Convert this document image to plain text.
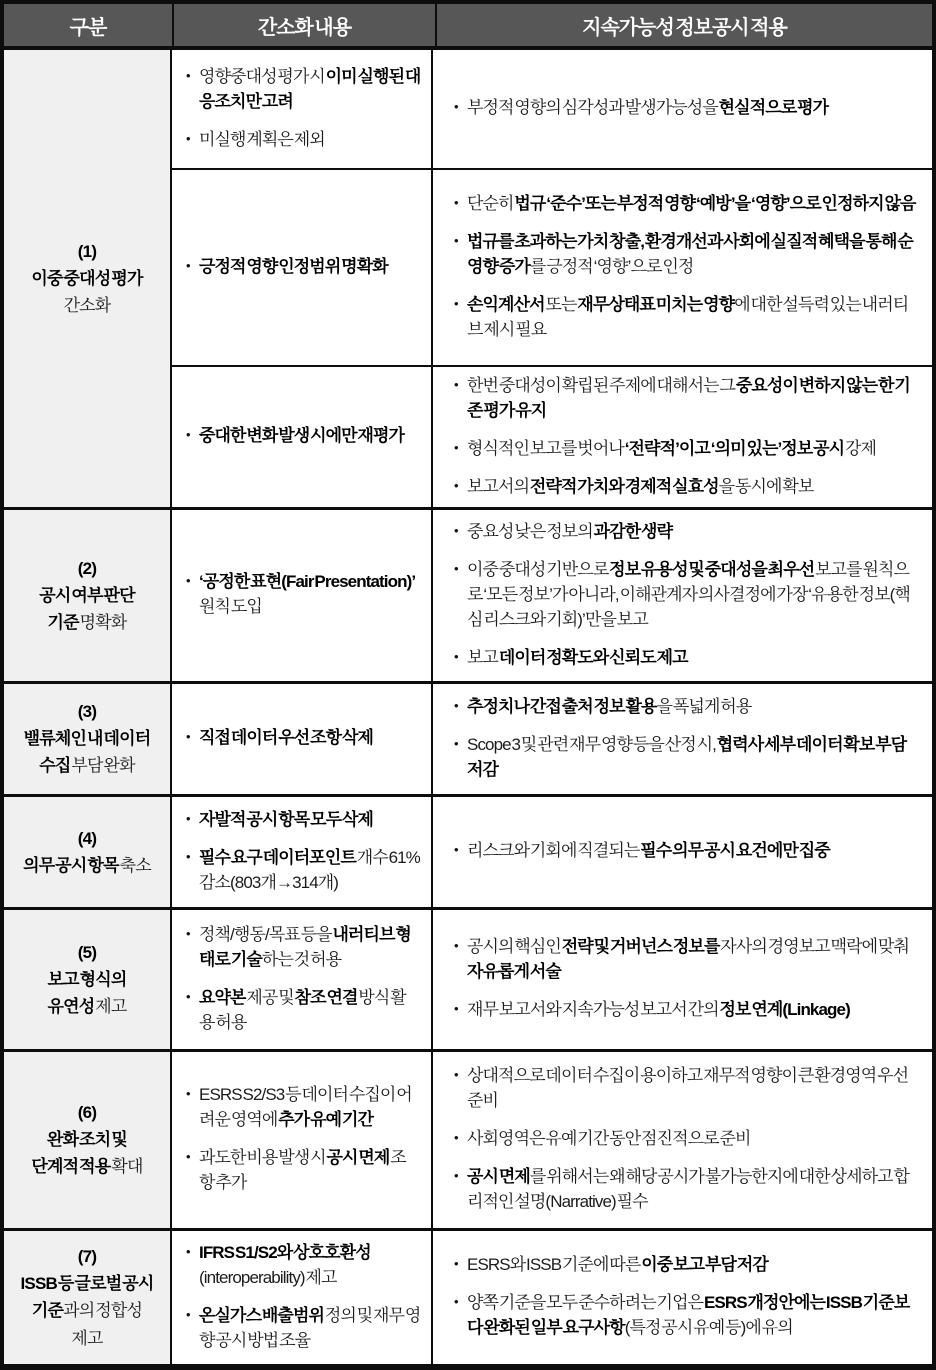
구분	간소화 내용	지속가능성 정보공시 적용
(1)
이중 중대성 평가
간소화
• 영향중대성 평가 시 이미 실행된 대응조치만 고려
• 미실행 계획은 제외
• 부정적 영향의 심각성과 발생가능성을 현실적으로 평가
• 긍정적 영향 인정범위 명확화
• 단순히 법규 ‘준수’ 또는 부정적 영향 ‘예방’을 ‘영향’으로 인정하지 않음
• 법규를 초과하는 가치 창출, 환경개선과 사회에 실질적 혜택을 통해 순영향 증가를 긍정적 ‘영향’으로 인정
• 손익계산서 또는 재무상태표 미치는 영향에 대한 설득력 있는 내러티브 제시 필요
• 중대한 변화 발생 시에만 재평가
• 한번 중대성이 확립된 주제에 대해서는 그 중요성이 변하지 않는 한 기존 평가 유지
• 형식적인 보고를 벗어나 ‘전략적’이고 ‘의미 있는’ 정보 공시 강제
• 보고서의 전략적 가치와 경제적 실효성을 동시에 확보
(2)
공시 여부 판단
기준 명확화
• ‘공정한 표현(Fair Presentation)’ 원칙 도입
• 중요성 낮은 정보의 과감한 생략
• 이중 중대성 기반으로 정보 유용성 및 중대성을 최우선 보고를 원칙으로 ‘모든 정보’가 아니라, 이해관계자 의사결정에 가장 ‘유용한 정보(핵심 리스크와 기회)’만을 보고
• 보고 데이터 정확도와 신뢰도 제고
(3)
밸류체인 내 데이터
수집 부담 완화
• 직접 데이터 우선 조항 삭제
• 추정치나 간접 출처 정보 활용을 폭넓게 허용
• Scope 3 및 관련 재무 영향 등을 산정 시, 협력사 세부 데이터 확보 부담 저감
(4)
의무 공시 항목 축소
• 자발적 공시 항목 모두 삭제
• 필수 요구 데이터포인트 개수 61% 감소(803개→314개)
• 리스크와 기회에 직결되는 필수 의무 공시 요건에만 집중
(5)
보고 형식의
유연성 제고
• 정책/행동/목표 등을 내러티브 형태로 기술하는 것 허용
• 요약본 제공 및 참조 연결 방식 활용 허용
• 공시의 핵심인 전략 및 거버넌스 정보를 자사의 경영보고 맥락에 맞춰 자유롭게 서술
• 재무 보고서와 지속가능성 보고서 간의 정보 연계(Linkage)
(6)
완화 조치 및
단계적 적용 확대
• ESRS S2/S3 등 데이터 수집이 어려운 영역에 추가 유예 기간
• 과도한 비용 발생 시 공시 면제 조항 추가
• 상대적으로 데이터 수집이 용이하고 재무적 영향이 큰 환경영역 우선 준비
• 사회영역은 유예 기간 동안 점진적으로 준비
• 공시 면제를 위해서는 왜 해당 공시가 불가능한지에 대한 상세하고 합리적인 설명(Narrative) 필수
(7)
ISSB 등 글로벌 공시
기준과의 정합성
제고
• IFRS S1/S2와 상호호환성(interoperability) 제고
• 온실가스 배출범위 정의 및 재무 영향 공시 방법 조율
• ESRS와 ISSB 기준에 따른 이중 보고 부담 저감
• 양쪽 기준을 모두 준수하려는 기업은 ESRS 개정안에는 ISSB 기준보다 완화된 일부 요구사항(특정 공시 유예 등)에 유의
